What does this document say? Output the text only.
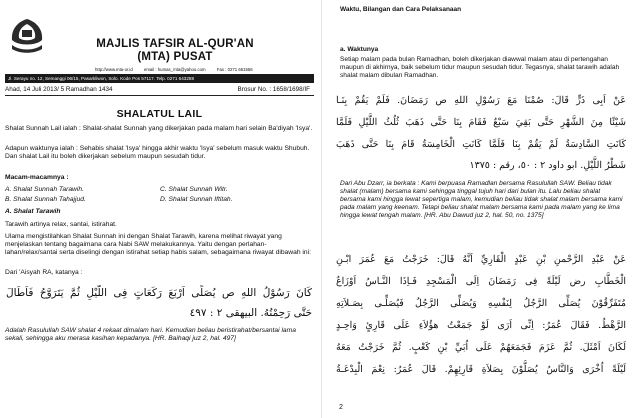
MAJLIS TAFSIR AL-QUR'AN
(MTA) PUSAT
http://www.mta-or.id	email : humas_mta@yahoo.com	Fax : 0271 661556
Jl. Serayu no. 12, Semanggi 06/15, Pasarkliwon, Solo. Kode Pos 57117. Telp. 0271 643288
Ahad, 14 Juli 2013/ 5 Ramadhan 1434	Brosur No. : 1658/1698/IF
SHALATUL LAIL
Shalat Sunnah Lail ialah : Shalat-shalat Sunnah yang dikerjakan pada malam hari selain Ba'diyah 'Isya'.
Adapun waktunya ialah : Sehabis shalat 'Isya' hingga akhir waktu 'Isya' sebelum masuk waktu Shubuh. Dan shalat Lail itu boleh dikerjakan sebelum maupun sesudah tidur.
Macam-macamnya :
A. Shalat Sunnah Tarawih.	C. Shalat Sunnah Witr.
B. Shalat Sunnah Tahajjud.	D. Shalat Sunnah Iftitah.
A. Shalat Tarawih
Tarawih artinya relax, santai, istirahat.
Ulama mengistilahkan Shalat Sunnah ini dengan Shalat Tarawih, karena melihat riwayat yang menjelaskan tentang bagaimana cara Nabi SAW melakukannya. Yaitu dengan perlahan-lahan/relax/santai serta diselingi dengan istirahat setiap habis salam, sebagaimana riwayat dibawah ini:
Dari 'Aisyah RA, katanya :
كَانَ رَسُوْلُ اللهِ ص يُصَلِّى اَرْبَعَ رَكَعَاتٍ فِى اللَّيْلِ ثُمَّ يَتَرَوَّحُ فَاَطَالَ
حَتَّى رَحِمْتُهُ. البيهقى ٢ : ٤٩٧
Adalah Rasulullah SAW shalat 4 rekaat dimalam hari. Kemudian beliau beristirahat/bersantai lama sekali, sehingga aku merasa kasihan kepadanya. [HR. Baihaqi juz 2, hal. 497]
Waktu, Bilangan dan Cara Pelaksanaan
a. Waktunya
Setiap malam pada bulan Ramadhan, boleh dikerjakan diawwal malam atau di pertengahan maupun di akhirnya, baik sebelum tidur maupun sesudah tidur. Tegasnya, shalat tarawih adalah shalat malam dibulan Ramadhan.
عَنْ اَبِى ذَرٍّ قَالَ: صُمْنَا مَعَ رَسُوْلِ اللهِ ص رَمَضَانَ. فَلَمْ يَقُمْ بِنَـا
شَيْئًا مِنَ الشَّهْرِ حَتَّى بَقِيَ سَبْعٌ فَقَامَ بِنَا حَتَّى ذَهَبَ ثُلُثُ اللَّيْلِ فَلَمَّا
كَانَتِ السَّادِسَةُ لَمْ يَقُمْ بِنَا فَلَمَّا كَانَتِ الْخَامِسَةُ قَامَ بِنَا حَتَّى ذَهَبَ
شَطْرُ اللَّيْلِ. ابو داود ٢ : ٥٠، رقم : ١٣٧٥
Dari Abu Dzarr, ia berkata : Kami berpuasa Ramadlan bersama Rasulullah SAW. Beliau tidak shalat (malam) bersama kami sehingga tinggal tujuh hari dari bulan itu. Lalu beliau shalat bersama kami hingga lewat sepertiga malam, kemudian beliau tidak shalat malam bersama kami pada malam yang keenam. Tetapi beliau shalat malam bersama kami pada malam yang ke lima hingga lewat tengah malam. [HR. Abu Dawud juz 2, hal. 50, no. 1375]
عَنْ عَبْدِ الرَّحْمنِ بْنِ عَبْدٍ الْقَارِيِّ اَنَّهُ قَالَ: خَرَجْتُ مَعَ عُمَرَ ابْـنِ
الْخَطَّابِ رض لَيْلَةً فِى رَمَضَانَ اِلَى الْمَسْجِدِ فَـاِذَا النَّـاسُ اَوْزَاعٌ
مُتَفَرِّقُوْنَ يُصَلِّى الرَّجُلُ لِنَفْسِهِ وَيُصَلِّى الرَّجُلُ فَيُصَلِّـى بِصَـلاَتِهِ
الرَّهْطُ. فَقَالَ عُمَرُ: اِنِّى اَرَى لَوْ جَمَعْتُ هؤُلاَءِ عَلَى قَارِئٍ وَاحِـدٍ
لَكَانَ اَمْثَلَ. ثُمَّ عَزَمَ فَجَمَعَهُمْ عَلَى اُبَيِّ بْنِ كَعْبٍ. ثُمَّ خَرَجْتُ مَعَهُ
لَيْلَةً اُخْرَى وَالنَّاسُ يُصَلُّوْنَ بِصَلاَةِ قَارِئِهِمْ. قَالَ عُمَرُ: نِعْمَ الْبِدْعَـةُ
2
